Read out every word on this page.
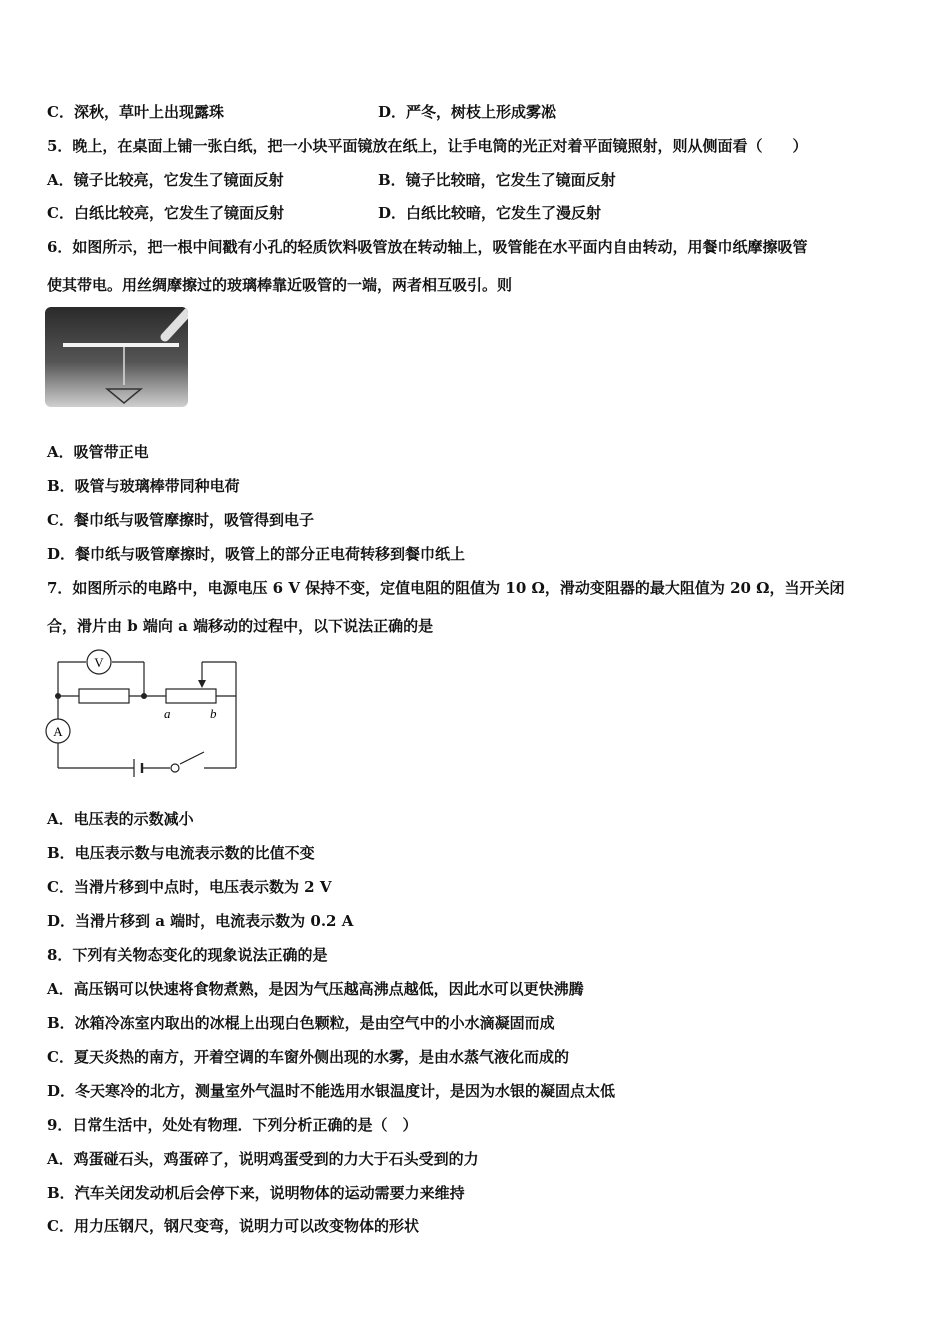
C．深秋，草叶上出现露珠	D．严冬，树枝上形成雾凇
5．晚上，在桌面上铺一张白纸，把一小块平面镜放在纸上，让手电筒的光正对着平面镜照射，则从侧面看（　　）
A．镜子比较亮，它发生了镜面反射	B．镜子比较暗，它发生了镜面反射
C．白纸比较亮，它发生了镜面反射	D．白纸比较暗，它发生了漫反射
6．如图所示，把一根中间戳有小孔的轻质饮料吸管放在转动轴上，吸管能在水平面内自由转动，用餐巾纸摩擦吸管
使其带电。用丝绸摩擦过的玻璃棒靠近吸管的一端，两者相互吸引。则
A．吸管带正电
B．吸管与玻璃棒带同种电荷
C．餐巾纸与吸管摩擦时，吸管得到电子
D．餐巾纸与吸管摩擦时，吸管上的部分正电荷转移到餐巾纸上
7．如图所示的电路中，电源电压 6 V 保持不变，定值电阻的阻值为 10 Ω，滑动变阻器的最大阻值为 20 Ω，当开关闭
合，滑片由 b 端向 a 端移动的过程中，以下说法正确的是
V
A
a	b
A．电压表的示数减小
B．电压表示数与电流表示数的比值不变
C．当滑片移到中点时，电压表示数为 2 V
D．当滑片移到 a 端时，电流表示数为 0.2 A
8．下列有关物态变化的现象说法正确的是
A．高压锅可以快速将食物煮熟，是因为气压越高沸点越低，因此水可以更快沸腾
B．冰箱冷冻室内取出的冰棍上出现白色颗粒，是由空气中的小水滴凝固而成
C．夏天炎热的南方，开着空调的车窗外侧出现的水雾，是由水蒸气液化而成的
D．冬天寒冷的北方，测量室外气温时不能选用水银温度计，是因为水银的凝固点太低
9．日常生活中，处处有物理．下列分析正确的是（　）
A．鸡蛋碰石头，鸡蛋碎了，说明鸡蛋受到的力大于石头受到的力
B．汽车关闭发动机后会停下来，说明物体的运动需要力来维持
C．用力压钢尺，钢尺变弯，说明力可以改变物体的形状
